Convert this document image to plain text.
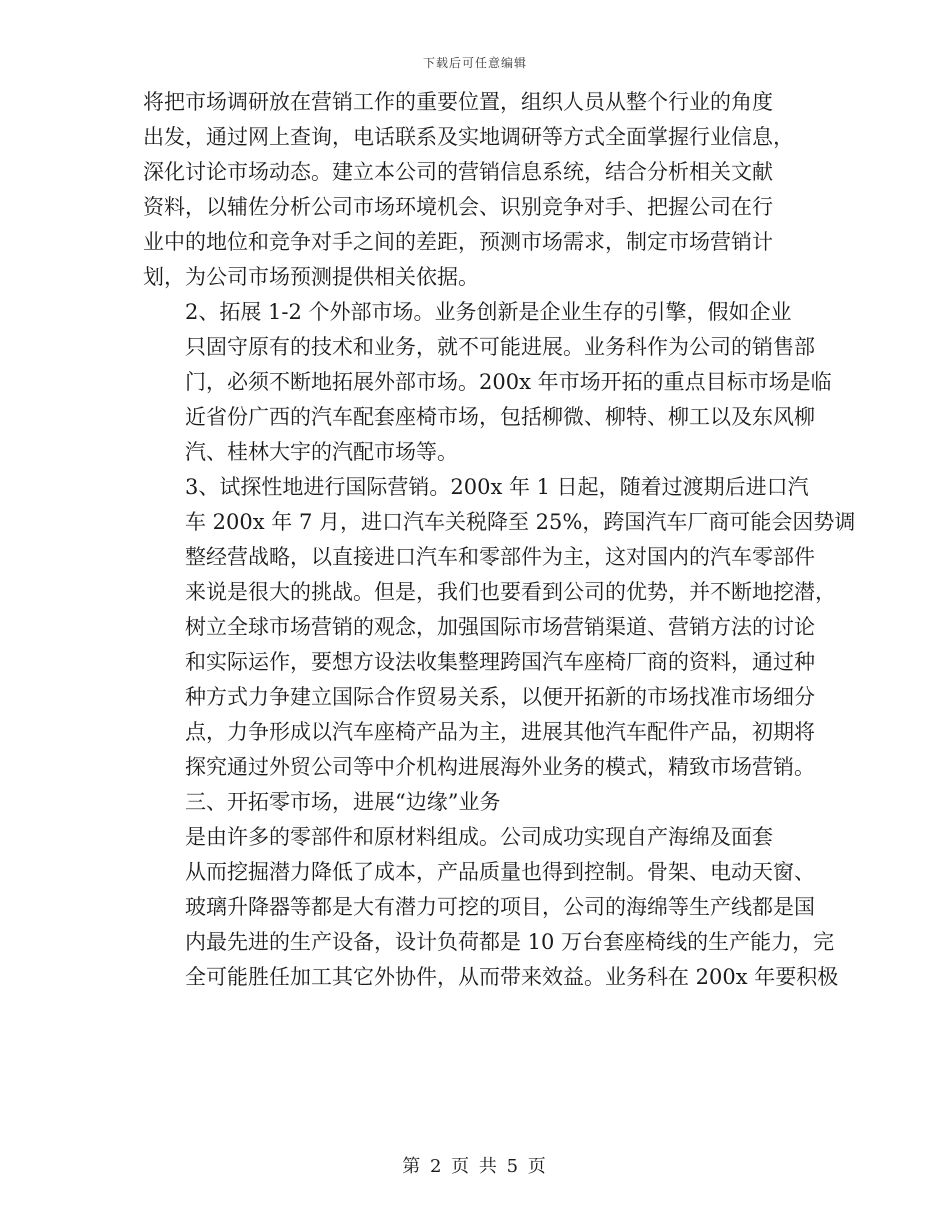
下载后可任意编辑

将把市场调研放在营销工作的重要位置，组织人员从整个行业的角度
出发，通过网上查询，电话联系及实地调研等方式全面掌握行业信息，
深化讨论市场动态。建立本公司的营销信息系统，结合分析相关文献
资料，以辅佐分析公司市场环境机会、识别竞争对手、把握公司在行
业中的地位和竞争对手之间的差距，预测市场需求，制定市场营销计
划，为公司市场预测提供相关依据。

2、拓展 1-2 个外部市场。业务创新是企业生存的引擎，假如企业
只固守原有的技术和业务，就不可能进展。业务科作为公司的销售部
门，必须不断地拓展外部市场。200x 年市场开拓的重点目标市场是临
近省份广西的汽车配套座椅市场，包括柳微、柳特、柳工以及东风柳
汽、桂林大宇的汽配市场等。

3、试探性地进行国际营销。200x 年 1 日起，随着过渡期后进口汽
车 200x 年 7 月，进口汽车关税降至 25%，跨国汽车厂商可能会因势调
整经营战略，以直接进口汽车和零部件为主，这对国内的汽车零部件
来说是很大的挑战。但是，我们也要看到公司的优势，并不断地挖潜，
树立全球市场营销的观念，加强国际市场营销渠道、营销方法的讨论
和实际运作，要想方设法收集整理跨国汽车座椅厂商的资料，通过种
种方式力争建立国际合作贸易关系，以便开拓新的市场找准市场细分
点，力争形成以汽车座椅产品为主，进展其他汽车配件产品，初期将
探究通过外贸公司等中介机构进展海外业务的模式，精致市场营销。

三、开拓零市场，进展“边缘”业务

是由许多的零部件和原材料组成。公司成功实现自产海绵及面套
从而挖掘潜力降低了成本，产品质量也得到控制。骨架、电动天窗、
玻璃升降器等都是大有潜力可挖的项目，公司的海绵等生产线都是国
内最先进的生产设备，设计负荷都是 10 万台套座椅线的生产能力，完
全可能胜任加工其它外协件，从而带来效益。业务科在 200x 年要积极

第 2 页 共 5 页
